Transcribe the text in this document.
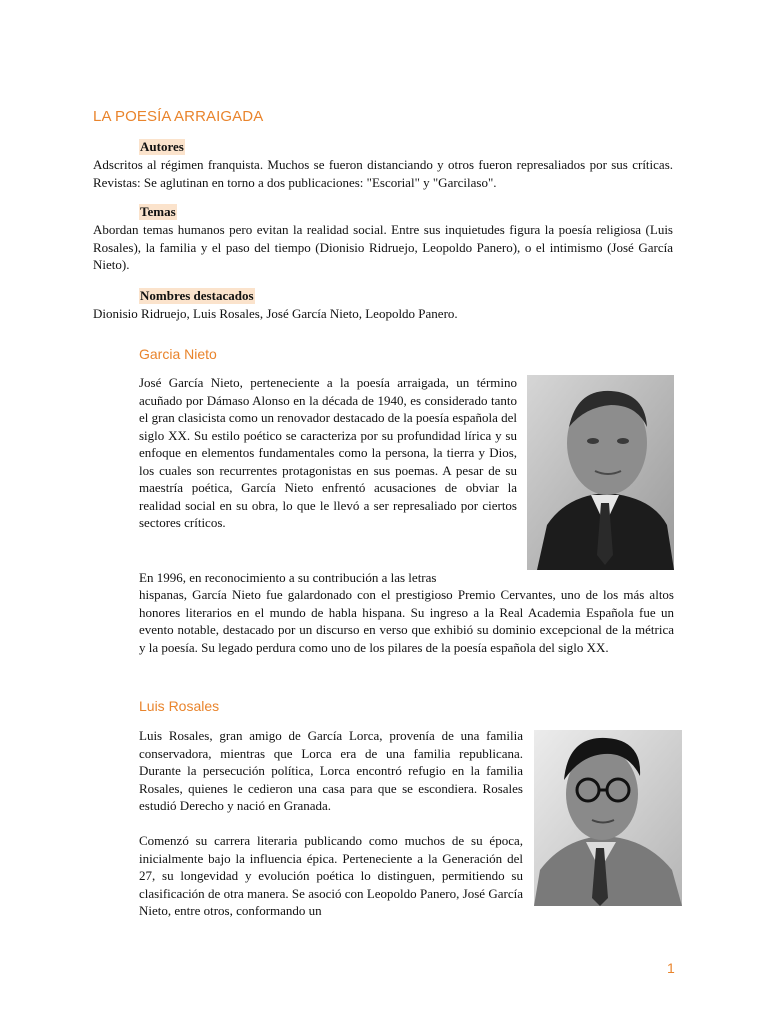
LA POESÍA ARRAIGADA
Autores

Adscritos al régimen franquista. Muchos se fueron distanciando y otros fueron represaliados por sus críticas. Revistas: Se aglutinan en torno a dos publicaciones: "Escorial" y "Garcilaso".

Temas

Abordan temas humanos pero evitan la realidad social. Entre sus inquietudes figura la poesía religiosa (Luis Rosales), la familia y el paso del tiempo (Dionisio Ridruejo, Leopoldo Panero), o el intimismo (José García Nieto).

Nombres destacados

Dionisio Ridruejo, Luis Rosales, José García Nieto, Leopoldo Panero.

Garcia Nieto

José García Nieto, perteneciente a la poesía arraigada, un término acuñado por Dámaso Alonso en la década de 1940, es considerado tanto el gran clasicista como un renovador destacado de la poesía española del siglo XX. Su estilo poético se caracteriza por su profundidad lírica y su enfoque en elementos fundamentales como la persona, la tierra y Dios, los cuales son recurrentes protagonistas en sus poemas. A pesar de su maestría poética, García Nieto enfrentó acusaciones de obviar la realidad social en su obra, lo que le llevó a ser represaliado por ciertos sectores críticos.

En 1996, en reconocimiento a su contribución a las letras

hispanas, García Nieto fue galardonado con el prestigioso Premio Cervantes, uno de los más altos honores literarios en el mundo de habla hispana. Su ingreso a la Real Academia Española fue un evento notable, destacado por un discurso en verso que exhibió su dominio excepcional de la métrica y la poesía. Su legado perdura como uno de los pilares de la poesía española del siglo XX.

Luis Rosales

Luis Rosales, gran amigo de García Lorca, provenía de una familia conservadora, mientras que Lorca era de una familia republicana. Durante la persecución política, Lorca encontró refugio en la familia Rosales, quienes le cedieron una casa para que se escondiera. Rosales estudió Derecho y nació en Granada.

Comenzó su carrera literaria publicando como muchos de su época, inicialmente bajo la influencia épica. Perteneciente a la Generación del 27, su longevidad y evolución poética lo distinguen, permitiendo su clasificación de otra manera. Se asoció con Leopoldo Panero, José García Nieto, entre otros, conformando un

1
